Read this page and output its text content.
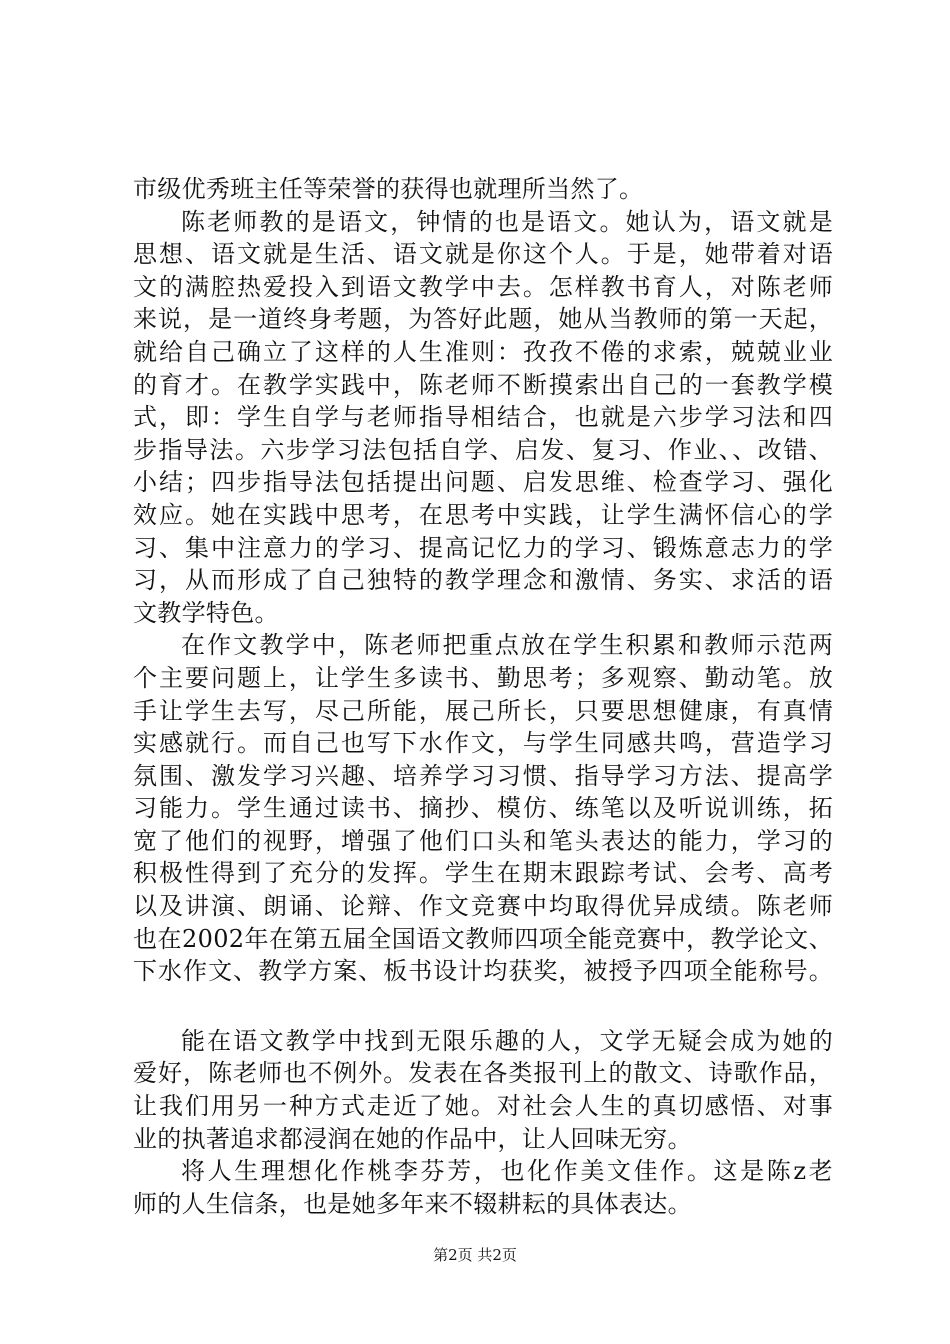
市级优秀班主任等荣誉的获得也就理所当然了。
陈老师教的是语文，钟情的也是语文。她认为，语文就是
思想、语文就是生活、语文就是你这个人。于是，她带着对语
文的满腔热爱投入到语文教学中去。怎样教书育人，对陈老师
来说，是一道终身考题，为答好此题，她从当教师的第一天起，
就给自己确立了这样的人生准则：孜孜不倦的求索，兢兢业业
的育才。在教学实践中，陈老师不断摸索出自己的一套教学模
式，即：学生自学与老师指导相结合，也就是六步学习法和四
步指导法。六步学习法包括自学、启发、复习、作业、、改错、
小结；四步指导法包括提出问题、启发思维、检查学习、强化
效应。她在实践中思考，在思考中实践，让学生满怀信心的学
习、集中注意力的学习、提高记忆力的学习、锻炼意志力的学
习，从而形成了自己独特的教学理念和激情、务实、求活的语
文教学特色。
在作文教学中，陈老师把重点放在学生积累和教师示范两
个主要问题上，让学生多读书、勤思考；多观察、勤动笔。放
手让学生去写，尽己所能，展己所长，只要思想健康，有真情
实感就行。而自己也写下水作文，与学生同感共鸣，营造学习
氛围、激发学习兴趣、培养学习习惯、指导学习方法、提高学
习能力。学生通过读书、摘抄、模仿、练笔以及听说训练，拓
宽了他们的视野，增强了他们口头和笔头表达的能力，学习的
积极性得到了充分的发挥。学生在期末跟踪考试、会考、高考
以及讲演、朗诵、论辩、作文竞赛中均取得优异成绩。陈老师
也在2002年在第五届全国语文教师四项全能竞赛中，教学论文、
下水作文、教学方案、板书设计均获奖，被授予四项全能称号。
能在语文教学中找到无限乐趣的人，文学无疑会成为她的
爱好，陈老师也不例外。发表在各类报刊上的散文、诗歌作品，
让我们用另一种方式走近了她。对社会人生的真切感悟、对事
业的执著追求都浸润在她的作品中，让人回味无穷。
将人生理想化作桃李芬芳，也化作美文佳作。这是陈z老
师的人生信条，也是她多年来不辍耕耘的具体表达。
第2页 共2页
